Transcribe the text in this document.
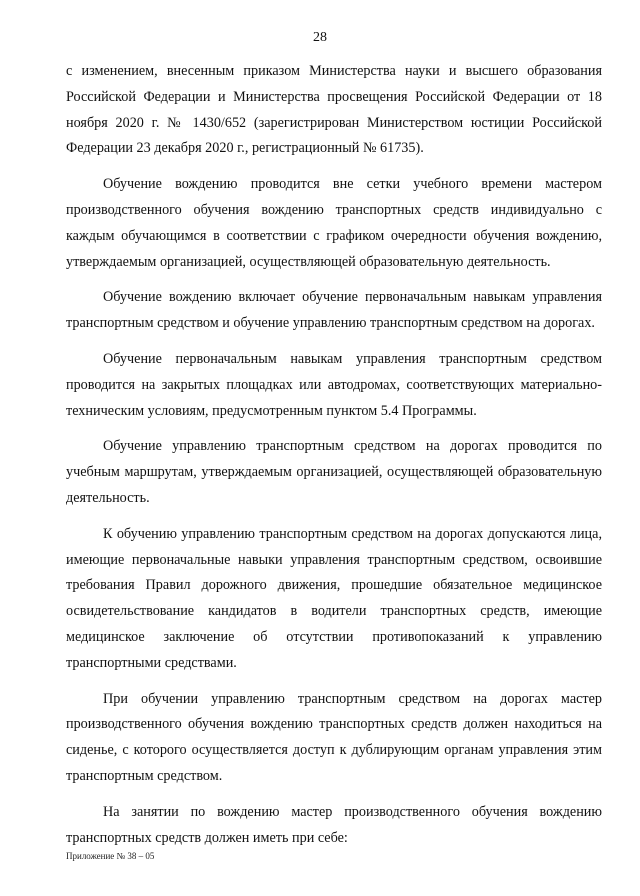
28

с изменением, внесенным приказом Министерства науки и высшего образования Российской Федерации и Министерства просвещения Российской Федерации от 18 ноября 2020 г. № 1430/652 (зарегистрирован Министерством юстиции Российской Федерации 23 декабря 2020 г., регистрационный № 61735).

Обучение вождению проводится вне сетки учебного времени мастером производственного обучения вождению транспортных средств индивидуально с каждым обучающимся в соответствии с графиком очередности обучения вождению, утверждаемым организацией, осуществляющей образовательную деятельность.

Обучение вождению включает обучение первоначальным навыкам управления транспортным средством и обучение управлению транспортным средством на дорогах.

Обучение первоначальным навыкам управления транспортным средством проводится на закрытых площадках или автодромах, соответствующих материально-техническим условиям, предусмотренным пунктом 5.4 Программы.

Обучение управлению транспортным средством на дорогах проводится по учебным маршрутам, утверждаемым организацией, осуществляющей образовательную деятельность.

К обучению управлению транспортным средством на дорогах допускаются лица, имеющие первоначальные навыки управления транспортным средством, освоившие требования Правил дорожного движения, прошедшие обязательное медицинское освидетельствование кандидатов в водители транспортных средств, имеющие медицинское заключение об отсутствии противопоказаний к управлению транспортными средствами.

При обучении управлению транспортным средством на дорогах мастер производственного обучения вождению транспортных средств должен находиться на сиденье, с которого осуществляется доступ к дублирующим органам управления этим транспортным средством.

На занятии по вождению мастер производственного обучения вождению транспортных средств должен иметь при себе:

Приложение № 38 – 05
